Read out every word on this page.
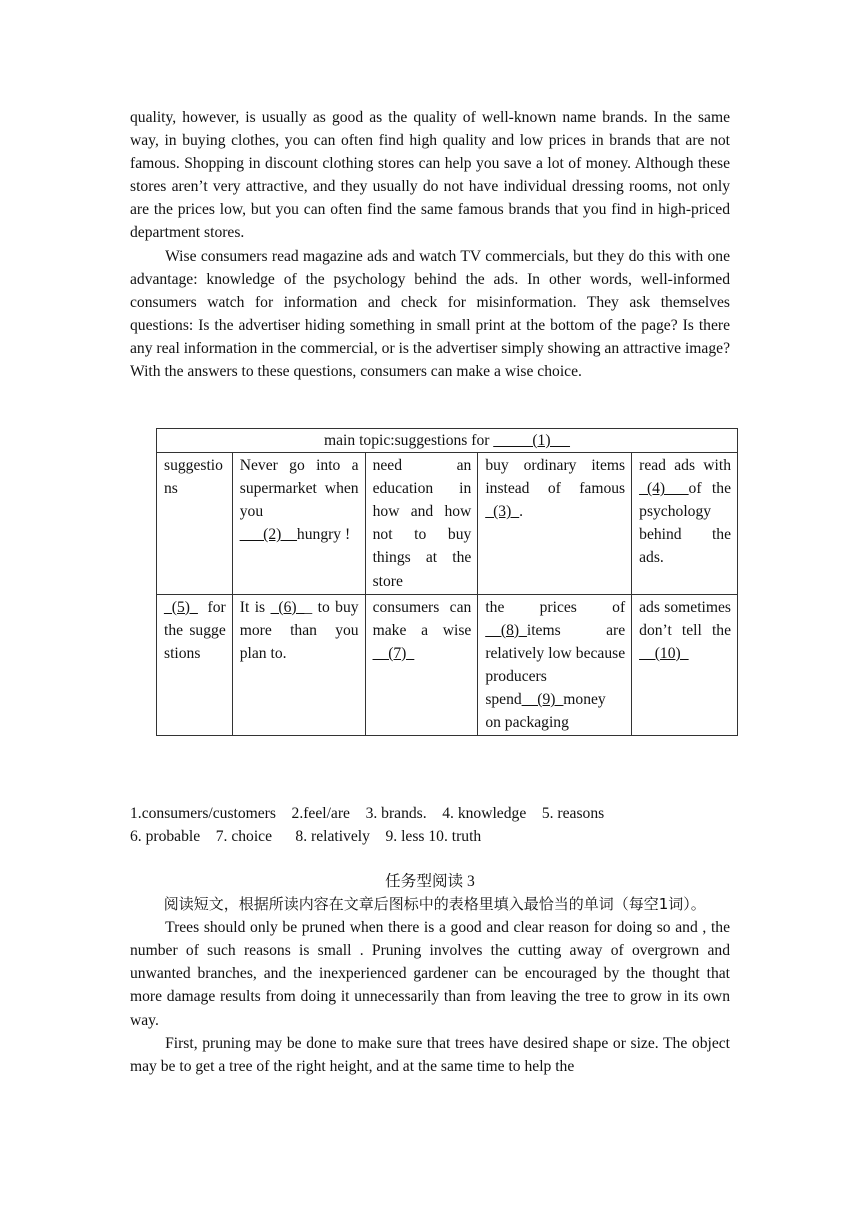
quality, however, is usually as good as the quality of well-known name brands. In the same way, in buying clothes, you can often find high quality and low prices in brands that are not famous. Shopping in discount clothing stores can help you save a lot of money. Although these stores aren’t very attractive, and they usually do not have individual dressing rooms, not only are the prices low, but you can often find the same famous brands that you find in high-priced department stores.

Wise consumers read magazine ads and watch TV commercials, but they do this with one advantage: knowledge of the psychology behind the ads. In other words, well-informed consumers watch for information and check for misinformation. They ask themselves questions: Is the advertiser hiding something in small print at the bottom of the page? Is there any real information in the commercial, or is the advertiser simply showing an attractive image? With the answers to these questions, consumers can make a wise choice.

main topic:suggestions for _____(1)__				
suggestions	Never go into a supermarket when you ___(2)__hungry !	need an education in how and how not to buy things at the store	buy ordinary items instead of famous _(3)_.	read ads with _(4)___of the psychology behind the ads.
_(5)_ for the suggestions	It is _(6)__ to buy more than you plan to.	consumers can make a wise __(7)_	the prices of __(8)_items are relatively low because producers spend__(9)_money on packaging	ads sometimes don’t tell the __(10)_
1.consumers/customers    2.feel/are    3. brands.    4. knowledge    5. reasons
6. probable    7. choice      8. relatively    9. less 10. truth

任务型阅读 3

阅读短文，根据所读内容在文章后图标中的表格里填入最恰当的单词（每空1词）。

Trees should only be pruned when there is a good and clear reason for doing so and , the number of such reasons is small . Pruning involves the cutting away of overgrown and unwanted branches, and the inexperienced gardener can be encouraged by the thought that more damage results from doing it unnecessarily than from leaving the tree to grow in its own way.

First, pruning may be done to make sure that trees have desired shape or size. The object may be to get a tree of the right height, and at the same time to help the
